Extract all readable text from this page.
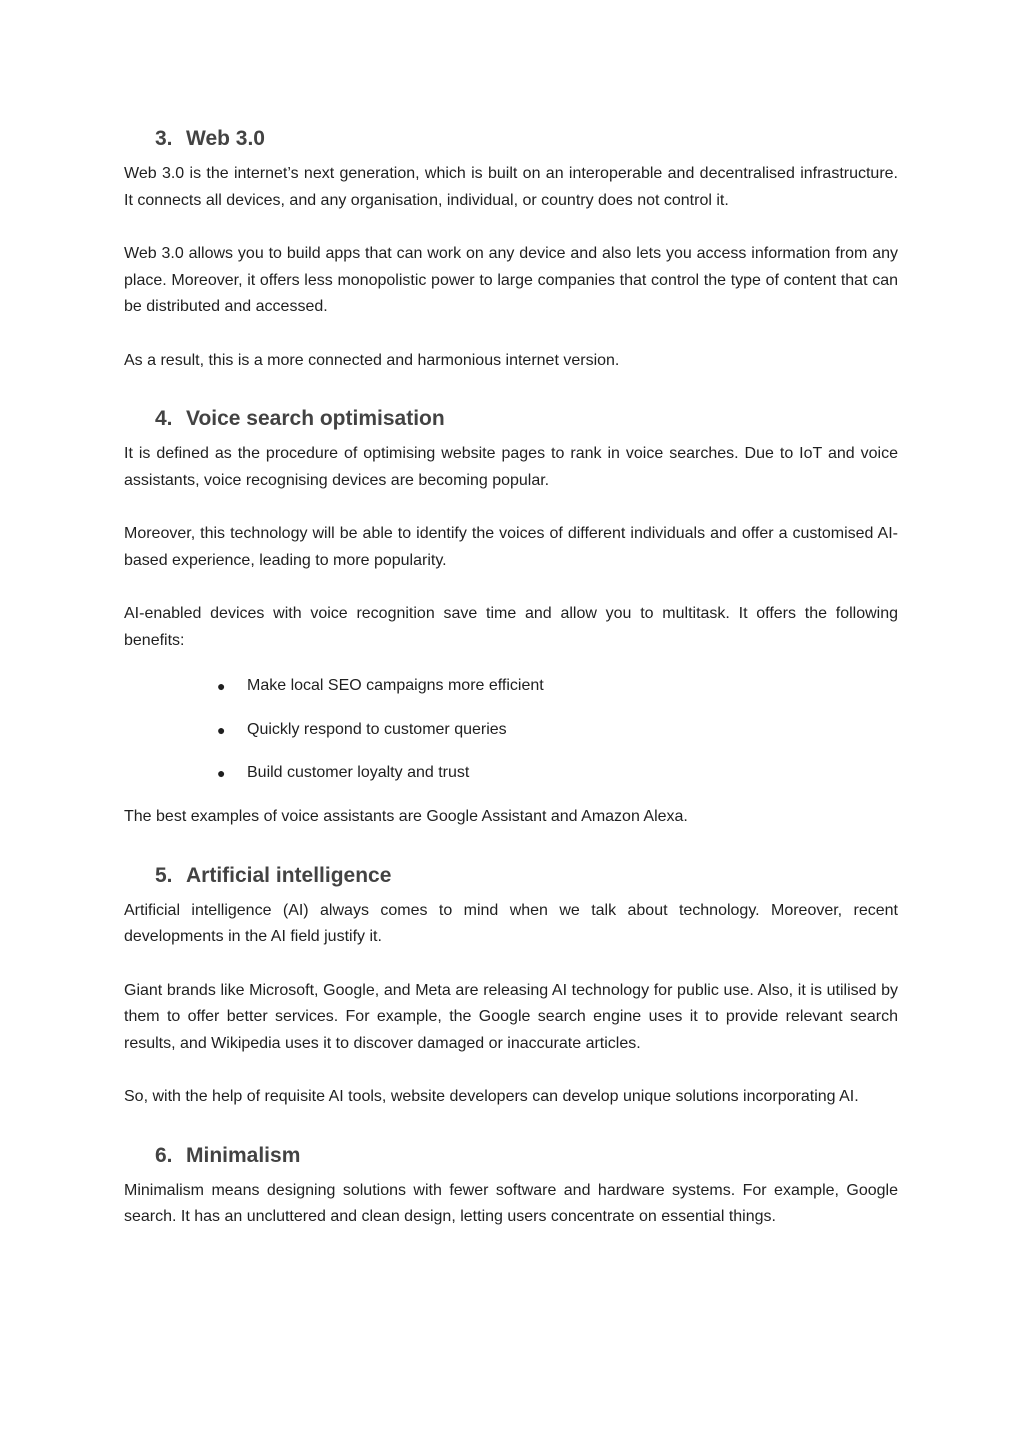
3. Web 3.0

Web 3.0 is the internet’s next generation, which is built on an interoperable and decentralised infrastructure. It connects all devices, and any organisation, individual, or country does not control it.

Web 3.0 allows you to build apps that can work on any device and also lets you access information from any place. Moreover, it offers less monopolistic power to large companies that control the type of content that can be distributed and accessed.

As a result, this is a more connected and harmonious internet version.

4. Voice search optimisation

It is defined as the procedure of optimising website pages to rank in voice searches. Due to IoT and voice assistants, voice recognising devices are becoming popular.

Moreover, this technology will be able to identify the voices of different individuals and offer a customised AI-based experience, leading to more popularity.

AI-enabled devices with voice recognition save time and allow you to multitask. It offers the following benefits:

●	Make local SEO campaigns more efficient
●	Quickly respond to customer queries
●	Build customer loyalty and trust

The best examples of voice assistants are Google Assistant and Amazon Alexa.

5. Artificial intelligence

Artificial intelligence (AI) always comes to mind when we talk about technology. Moreover, recent developments in the AI field justify it.

Giant brands like Microsoft, Google, and Meta are releasing AI technology for public use. Also, it is utilised by them to offer better services. For example, the Google search engine uses it to provide relevant search results, and Wikipedia uses it to discover damaged or inaccurate articles.

So, with the help of requisite AI tools, website developers can develop unique solutions incorporating AI.

6. Minimalism

Minimalism means designing solutions with fewer software and hardware systems. For example, Google search. It has an uncluttered and clean design, letting users concentrate on essential things.
